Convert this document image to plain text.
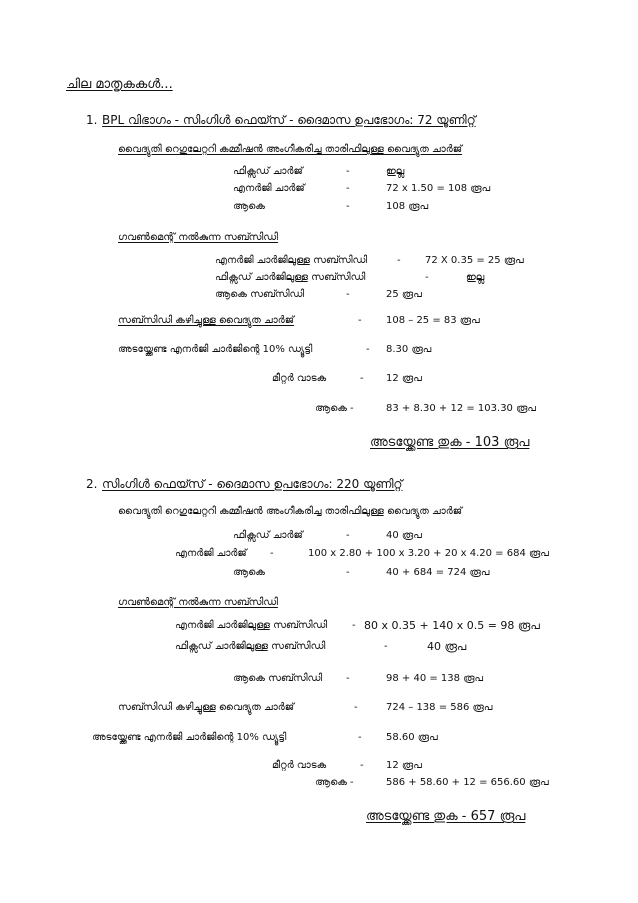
ചില മാതൃകകൾ...
1. BPL വിഭാഗം - സിംഗിൾ ഫെയ്സ് - ദൈമാസ ഉപഭോഗം: 72 യൂണിറ്റ്
വൈദ്യുതി റെഗുലേറ്ററി കമ്മീഷൻ അംഗീകരിച്ച താരിഫിലുള്ള വൈദ്യുത ചാർജ്
ഫിക്സഡ് ചാർജ്	-	ഇല്ല
എനർജി ചാർജ്	-	72 x 1.50 = 108 രൂപ
ആകെ	-	108 രൂപ
ഗവൺമെന്റ് നൽകുന്ന സബ്സിഡി
എനർജി ചാർജിലുള്ള സബ്സിഡി	- 72 X 0.35 = 25 രൂപ
ഫിക്സഡ് ചാർജിലുള്ള സബ്സിഡി	-	ഇല്ല
ആകെ സബ്സിഡി	-	25 രൂപ
സബ്സിഡി കഴിച്ചുള്ള വൈദ്യുത ചാർജ്	- 108 – 25 = 83 രൂപ
അടയ്ക്കേണ്ട എനർജി ചാർജിന്റെ 10% ഡ്യൂട്ടി	- 8.30 രൂപ
മീറ്റർ വാടക	- 12 രൂപ
ആകെ -	83 + 8.30 + 12 = 103.30 രൂപ
അടയ്ക്കേണ്ട തുക - 103 രൂപ
2. സിംഗിൾ ഫെയ്സ് - ദൈമാസ ഉപഭോഗം: 220 യൂണിറ്റ്
വൈദ്യുതി റെഗുലേറ്ററി കമ്മീഷൻ അംഗീകരിച്ച താരിഫിലുള്ള വൈദ്യുത ചാർജ്
ഫിക്സഡ് ചാർജ്	-	40 രൂപ
എനർജി ചാർജ് -	100 x 2.80 + 100 x 3.20 + 20 x 4.20 = 684 രൂപ
ആകെ	-	40 + 684 = 724 രൂപ
ഗവൺമെന്റ് നൽകുന്ന സബ്സിഡി
എനർജി ചാർജിലുള്ള സബ്സിഡി - 80 x 0.35 + 140 x 0.5 = 98 രൂപ
ഫിക്സഡ് ചാർജിലുള്ള സബ്സിഡി	-	40 രൂപ
ആകെ സബ്സിഡി -	98 + 40 = 138 രൂപ
സബ്സിഡി കഴിച്ചുള്ള വൈദ്യുത ചാർജ്	-	724 – 138 = 586 രൂപ
അടയ്ക്കേണ്ട എനർജി ചാർജിന്റെ 10% ഡ്യൂട്ടി	- 58.60 രൂപ
മീറ്റർ വാടക	- 12 രൂപ
ആകെ -	586 + 58.60 + 12 = 656.60 രൂപ
അടയ്ക്കേണ്ട തുക - 657 രൂപ
